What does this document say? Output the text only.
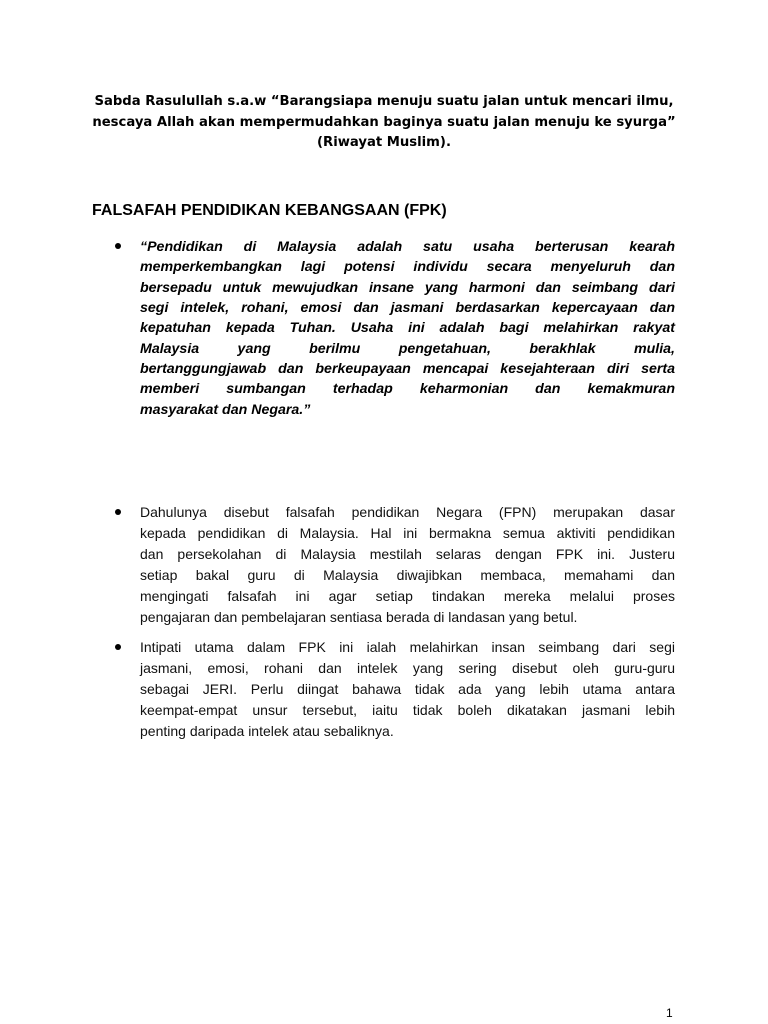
Sabda Rasulullah s.a.w “Barangsiapa menuju suatu jalan untuk mencari ilmu,
nescaya Allah akan mempermudahkan baginya suatu jalan menuju ke syurga”
(Riwayat Muslim).
FALSAFAH PENDIDIKAN KEBANGSAAN (FPK)
“Pendidikan di Malaysia adalah satu usaha berterusan kearah
memperkembangkan lagi potensi individu secara menyeluruh dan
bersepadu untuk mewujudkan insane yang harmoni dan seimbang dari
segi intelek, rohani, emosi dan jasmani berdasarkan kepercayaan dan
kepatuhan kepada Tuhan. Usaha ini adalah bagi melahirkan rakyat
Malaysia yang berilmu pengetahuan, berakhlak mulia,
bertanggungjawab dan berkeupayaan mencapai kesejahteraan diri serta
memberi sumbangan terhadap keharmonian dan kemakmuran
masyarakat dan Negara.”
Dahulunya disebut falsafah pendidikan Negara (FPN) merupakan dasar
kepada pendidikan di Malaysia. Hal ini bermakna semua aktiviti pendidikan
dan persekolahan di Malaysia mestilah selaras dengan FPK ini. Justeru
setiap bakal guru di Malaysia diwajibkan membaca, memahami dan
mengingati falsafah ini agar setiap tindakan mereka melalui proses
pengajaran dan pembelajaran sentiasa berada di landasan yang betul.
Intipati utama dalam FPK ini ialah melahirkan insan seimbang dari segi
jasmani, emosi, rohani dan intelek yang sering disebut oleh guru-guru
sebagai JERI. Perlu diingat bahawa tidak ada yang lebih utama antara
keempat-empat unsur tersebut, iaitu tidak boleh dikatakan jasmani lebih
penting daripada intelek atau sebaliknya.
1
